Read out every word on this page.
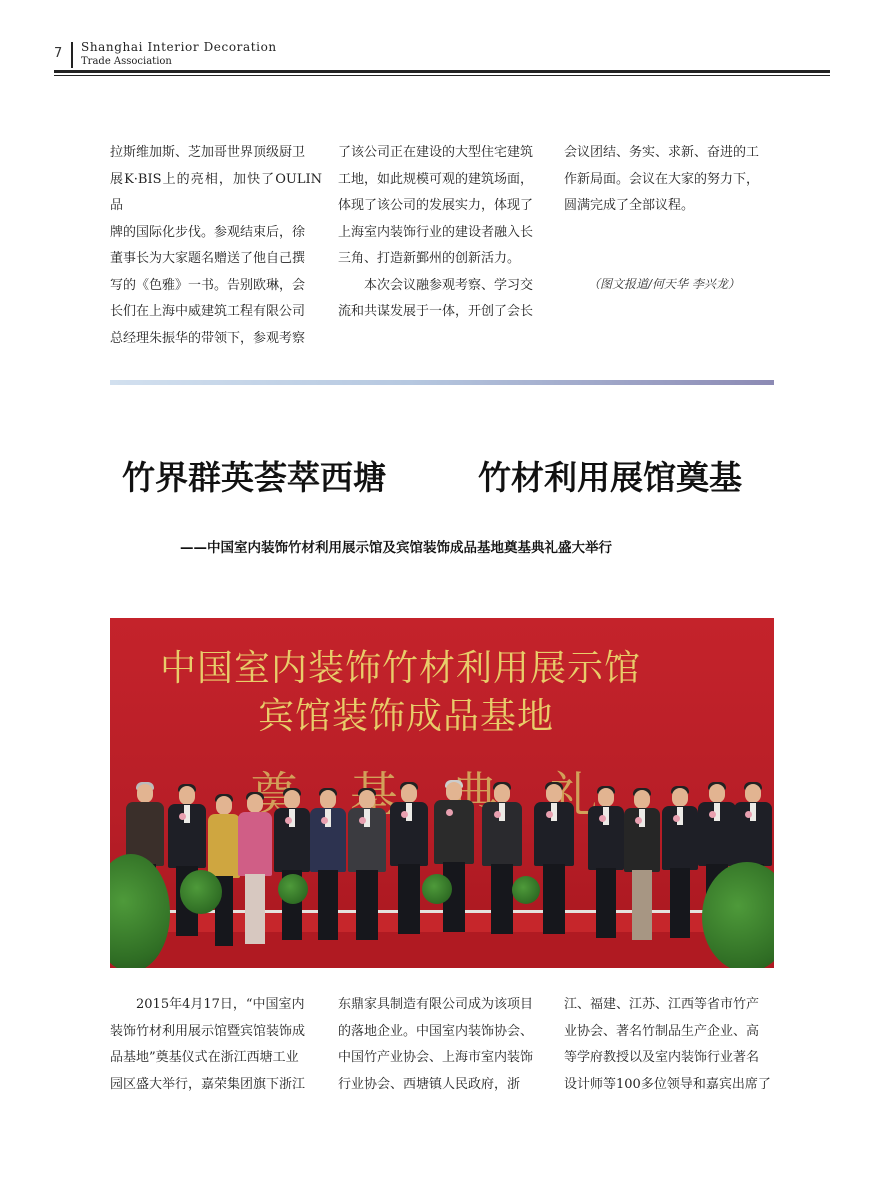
7 Shanghai Interior Decoration
Trade Association

拉斯维加斯、芝加哥世界顶级厨卫

展K·BIS上的亮相，加快了OULIN品

牌的国际化步伐。参观结束后，徐

董事长为大家题名赠送了他自己撰

写的《色雅》一书。告别欧琳，会

长们在上海中威建筑工程有限公司

总经理朱振华的带领下，参观考察

了该公司正在建设的大型住宅建筑

工地，如此规模可观的建筑场面，

体现了该公司的发展实力，体现了

上海室内装饰行业的建设者融入长

三角、打造新鄞州的创新活力。

本次会议融参观考察、学习交

流和共谋发展于一体，开创了会长

会议团结、务实、求新、奋进的工

作新局面。会议在大家的努力下，

圆满完成了全部议程。

（图文报道/何天华 李兴龙）
竹界群英荟萃西塘	竹材利用展馆奠基
——中国室内装饰竹材利用展示馆及宾馆装饰成品基地奠基典礼盛大举行
中国室内装饰竹材利用展示馆
宾馆装饰成品基地

2015年4月17日，“中国室内

装饰竹材利用展示馆暨宾馆装饰成

品基地”奠基仪式在浙江西塘工业

园区盛大举行，嘉荣集团旗下浙江

东鼎家具制造有限公司成为该项目

的落地企业。中国室内装饰协会、

中国竹产业协会、上海市室内装饰

行业协会、西塘镇人民政府，浙

江、福建、江苏、江西等省市竹产

业协会、著名竹制品生产企业、高

等学府教授以及室内装饰行业著名

设计师等100多位领导和嘉宾出席了
